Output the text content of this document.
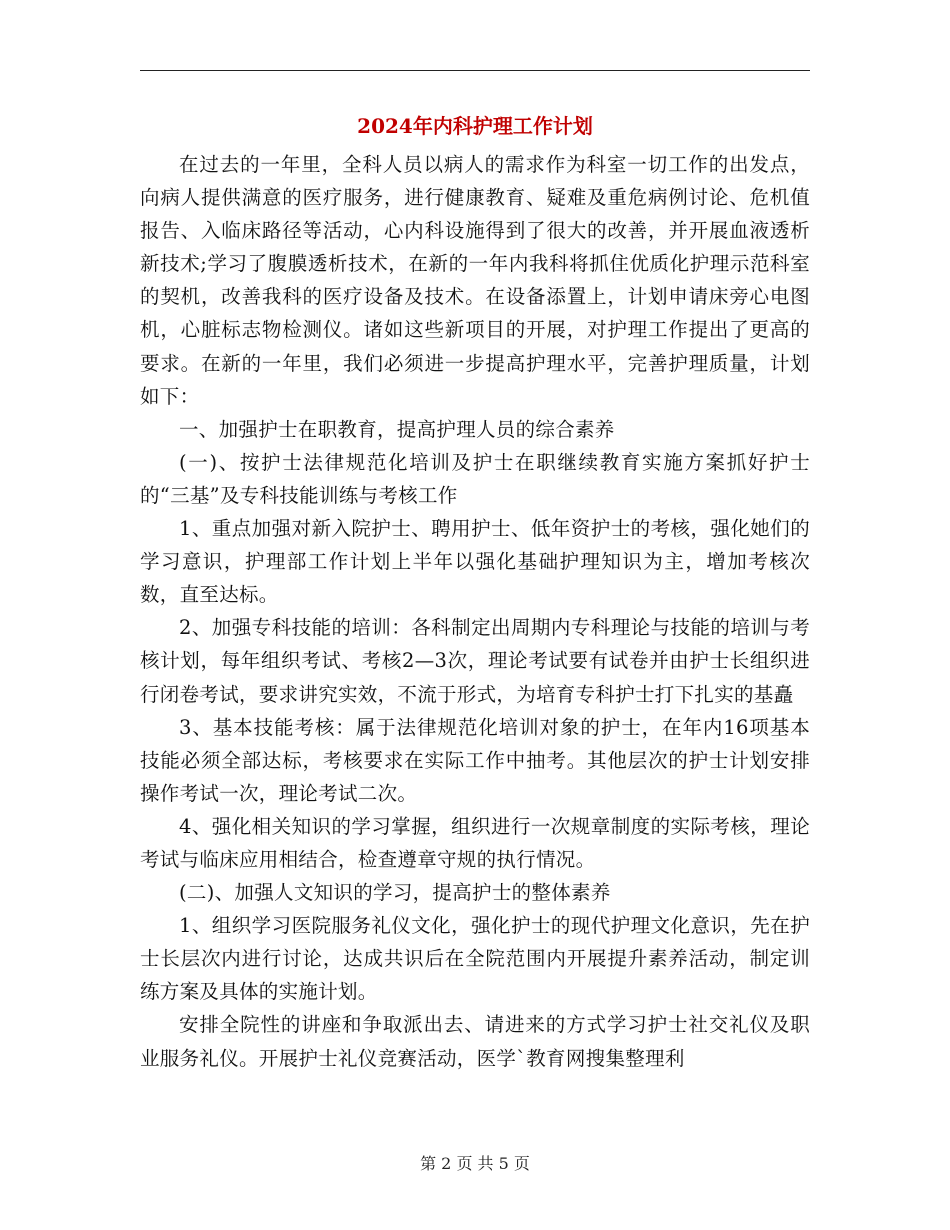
2024年内科护理工作计划

在过去的一年里，全科人员以病人的需求作为科室一切工作的出发点，向病人提供满意的医疗服务，进行健康教育、疑难及重危病例讨论、危机值报告、入临床路径等活动，心内科设施得到了很大的改善，并开展血液透析新技术;学习了腹膜透析技术，在新的一年内我科将抓住优质化护理示范科室的契机，改善我科的医疗设备及技术。在设备添置上，计划申请床旁心电图机，心脏标志物检测仪。诸如这些新项目的开展，对护理工作提出了更高的要求。在新的一年里，我们必须进一步提高护理水平，完善护理质量，计划如下：

一、加强护士在职教育，提高护理人员的综合素养

(一)、按护士法律规范化培训及护士在职继续教育实施方案抓好护士的“三基”及专科技能训练与考核工作

1、重点加强对新入院护士、聘用护士、低年资护士的考核，强化她们的学习意识，护理部工作计划上半年以强化基础护理知识为主，增加考核次数，直至达标。

2、加强专科技能的培训：各科制定出周期内专科理论与技能的培训与考核计划，每年组织考试、考核2—3次，理论考试要有试卷并由护士长组织进行闭卷考试，要求讲究实效，不流于形式，为培育专科护士打下扎实的基矗

3、基本技能考核：属于法律规范化培训对象的护士，在年内16项基本技能必须全部达标，考核要求在实际工作中抽考。其他层次的护士计划安排操作考试一次，理论考试二次。

4、强化相关知识的学习掌握，组织进行一次规章制度的实际考核，理论考试与临床应用相结合，检查遵章守规的执行情况。

(二)、加强人文知识的学习，提高护士的整体素养

1、组织学习医院服务礼仪文化，强化护士的现代护理文化意识，先在护士长层次内进行讨论，达成共识后在全院范围内开展提升素养活动，制定训练方案及具体的实施计划。

安排全院性的讲座和争取派出去、请进来的方式学习护士社交礼仪及职业服务礼仪。开展护士礼仪竞赛活动，医学`教育网搜集整理利

第 2 页 共 5 页
